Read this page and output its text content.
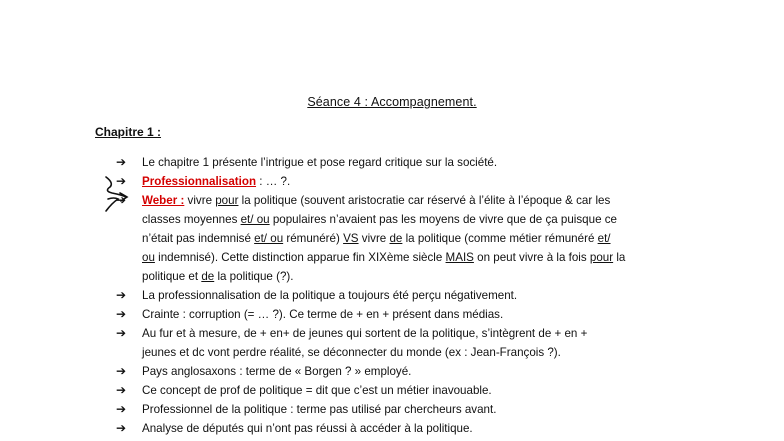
Séance 4 : Accompagnement.
Chapitre 1 :
➔	Le chapitre 1 présente l’intrigue et pose regard critique sur la société.
➔	Professionnalisation : … ?.
➔	Weber : vivre pour la politique (souvent aristocratie car réservé à l’élite à l’époque & car les
classes moyennes et/ ou populaires n’avaient pas les moyens de vivre que de ça puisque ce
n’était pas indemnisé et/ ou rémunéré) VS vivre de la politique (comme métier rémunéré et/
ou indemnisé). Cette distinction apparue fin XIXème siècle MAIS on peut vivre à la fois pour la
politique et de la politique (?).
➔	La professionnalisation de la politique a toujours été perçu négativement.
➔	Crainte : corruption (= … ?). Ce terme de + en + présent dans médias.
➔	Au fur et à mesure, de + en+ de jeunes qui sortent de la politique, s’intègrent de + en +
jeunes et dc vont perdre réalité, se déconnecter du monde (ex : Jean-François ?).
➔	Pays anglosaxons : terme de « Borgen ? » employé.
➔	Ce concept de prof de politique = dit que c’est un métier inavouable.
➔	Professionnel de la politique : terme pas utilisé par chercheurs avant.
➔	Analyse de députés qui n’ont pas réussi à accéder à la politique.
